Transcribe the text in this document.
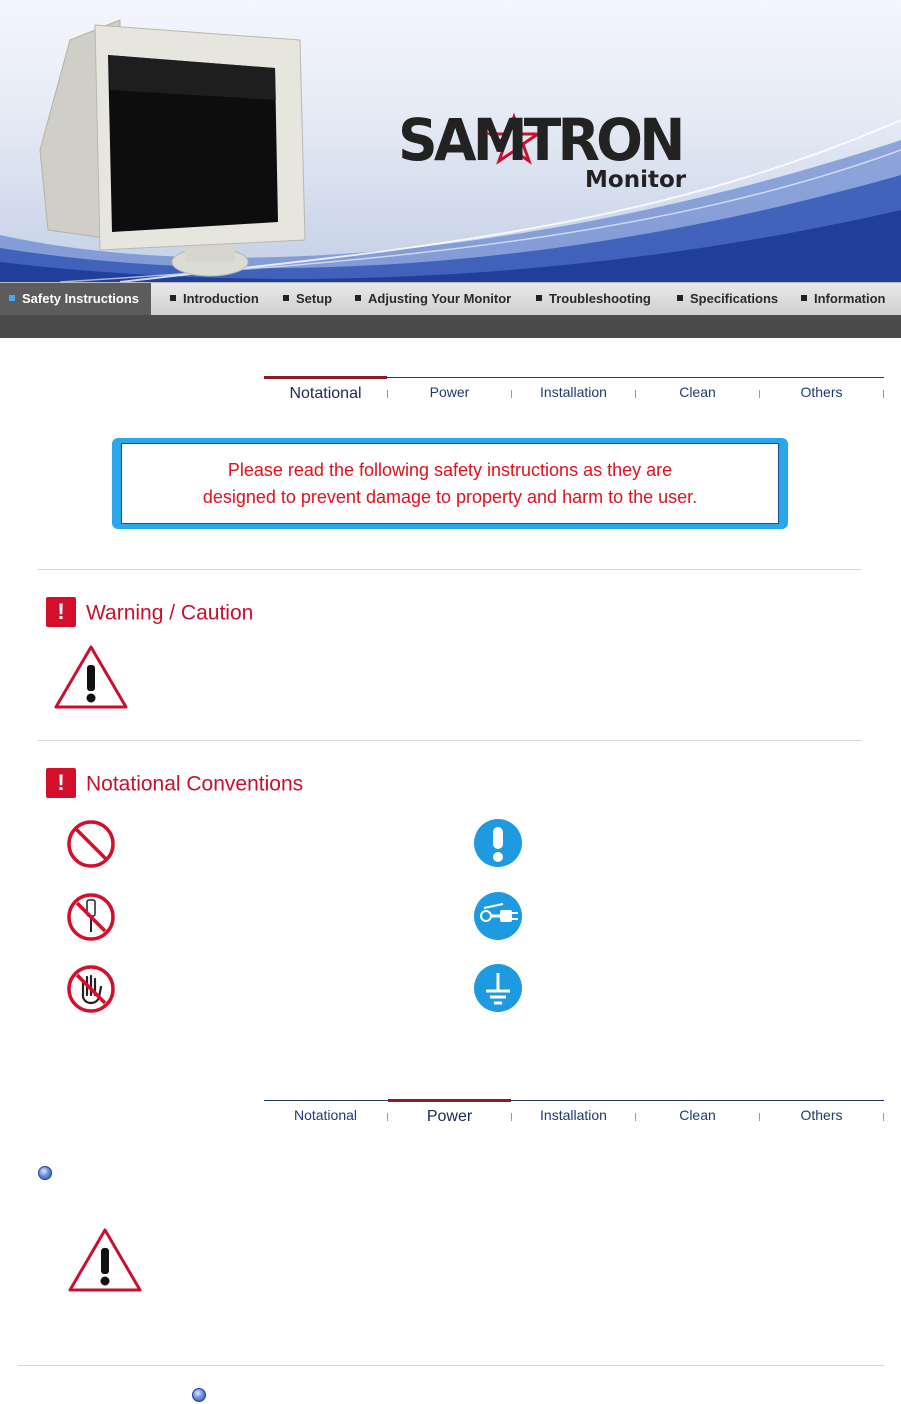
SAMTRON
Monitor
Safety Instructions	Introduction	Setup	Adjusting Your Monitor	Troubleshooting	Specifications	Information
Notational	Power	Installation	Clean	Others
Please read the following safety instructions as they are
designed to prevent damage to property and harm to the user.
! Warning / Caution
! Notational Conventions
Notational	Power	Installation	Clean	Others
